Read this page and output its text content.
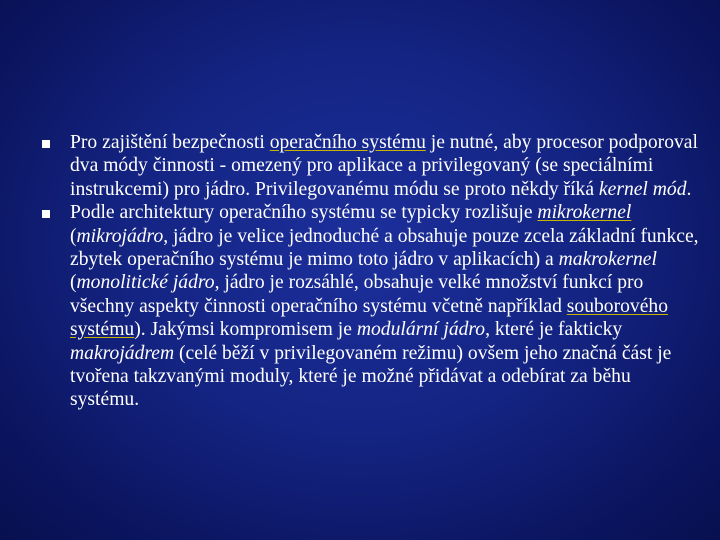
Pro zajištění bezpečnosti operačního systému je nutné, aby procesor podporoval dva módy činnosti - omezený pro aplikace a privilegovaný (se speciálními instrukcemi) pro jádro. Privilegovanému módu se proto někdy říká kernel mód.
Podle architektury operačního systému se typicky rozlišuje mikrokernel (mikrojádro, jádro je velice jednoduché a obsahuje pouze zcela základní funkce, zbytek operačního systému je mimo toto jádro v aplikacích) a makrokernel (monolitické jádro, jádro je rozsáhlé, obsahuje velké množství funkcí pro všechny aspekty činnosti operačního systému včetně například souborového systému). Jakýmsi kompromisem je modulární jádro, které je fakticky makrojádrem (celé běží v privilegovaném režimu) ovšem jeho značná část je tvořena takzvanými moduly, které je možné přidávat a odebírat za běhu systému.
